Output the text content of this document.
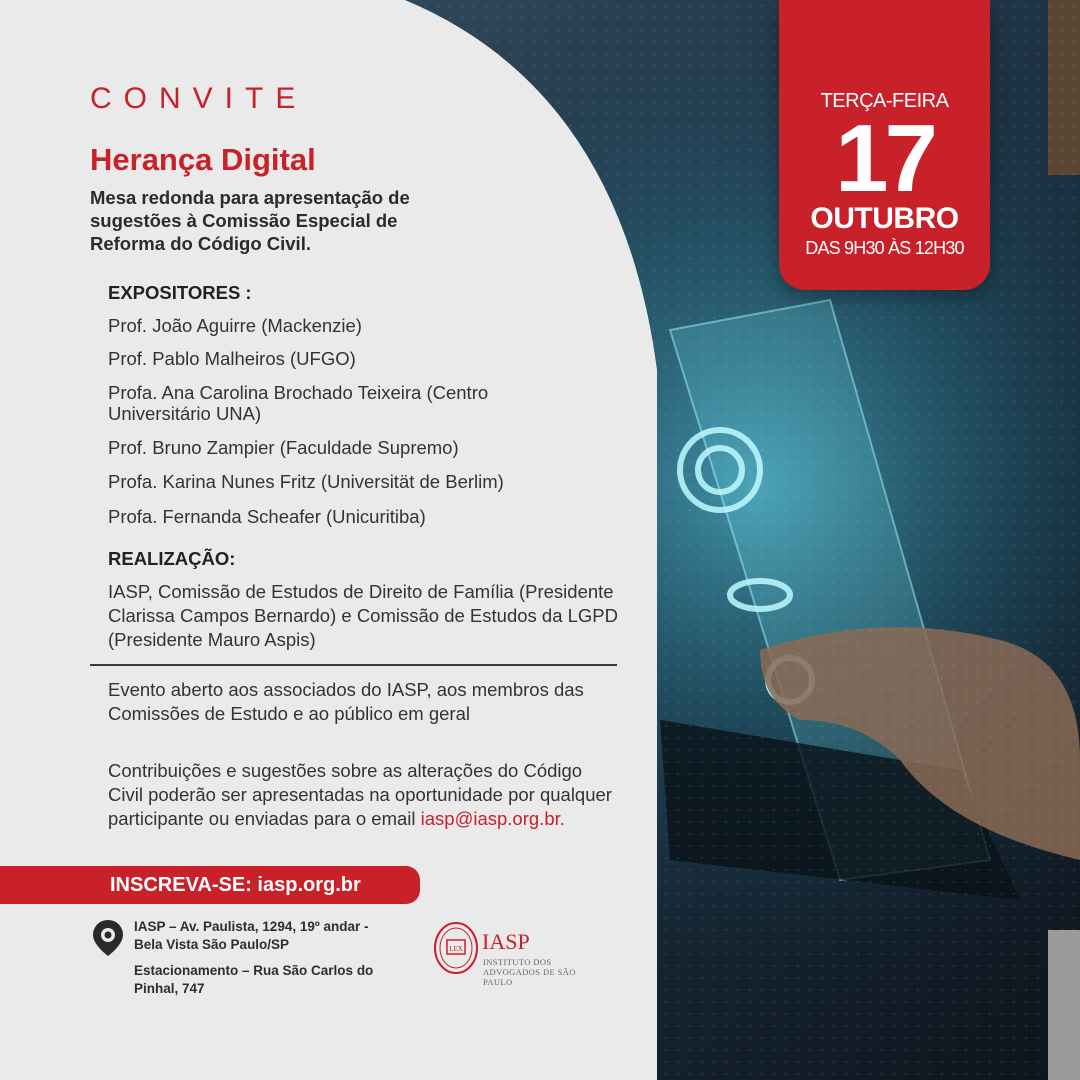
CONVITE

Herança Digital

Mesa redonda para apresentação de sugestões à Comissão Especial de Reforma do Código Civil.

EXPOSITORES :

Prof. João Aguirre (Mackenzie)

Prof. Pablo Malheiros (UFGO)

Profa. Ana Carolina Brochado Teixeira (Centro Universitário UNA)

Prof. Bruno Zampier (Faculdade Supremo)

Profa. Karina Nunes Fritz (Universität de Berlim)

Profa. Fernanda Scheafer (Unicuritiba)

REALIZAÇÃO:

IASP, Comissão de Estudos de Direito de Família (Presidente Clarissa Campos Bernardo) e Comissão de Estudos da LGPD (Presidente Mauro Aspis)

Evento aberto aos associados do IASP, aos membros das Comissões de Estudo e ao público em geral

Contribuições e sugestões sobre as alterações do Código Civil poderão ser apresentadas na oportunidade por qualquer participante ou enviadas para o email iasp@iasp.org.br.

INSCREVA-SE: iasp.org.br

IASP – Av. Paulista, 1294, 19º andar - Bela Vista São Paulo/SP

Estacionamento – Rua São Carlos do Pinhal, 747

LEX IASP

INSTITUTO DOS ADVOGADOS DE SÃO PAULO

TERÇA-FEIRA

17

OUTUBRO

DAS 9H30 ÀS 12H30
